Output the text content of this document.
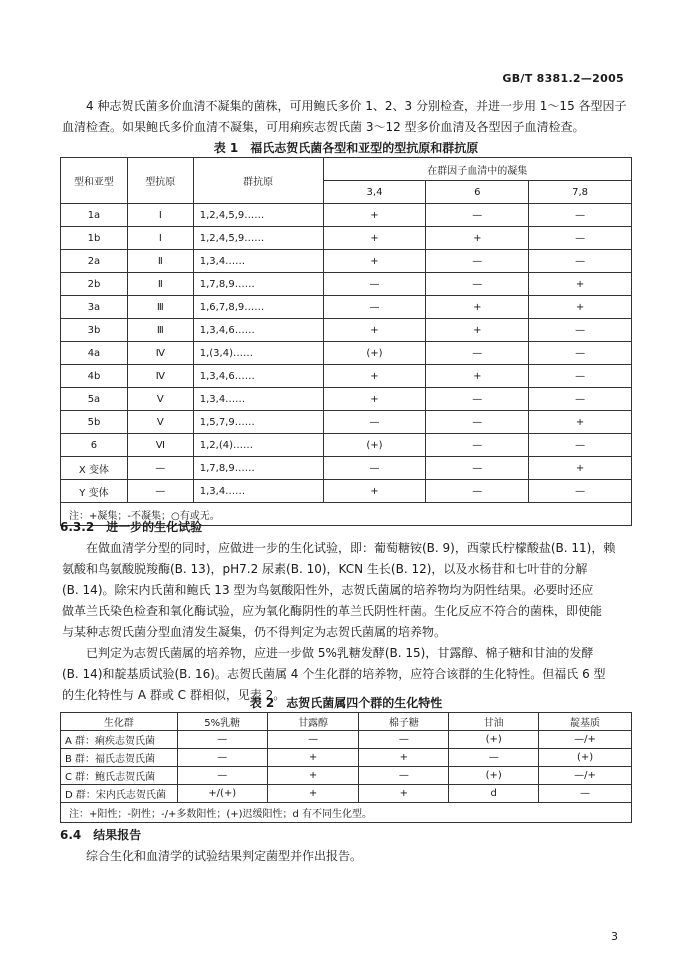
GB/T 8381.2—2005
4 种志贺氏菌多价血清不凝集的菌株，可用鲍氏多价 1、2、3 分别检查，并进一步用 1～15 各型因子
血清检查。如果鲍氏多价血清不凝集，可用痢疾志贺氏菌 3～12 型多价血清及各型因子血清检查。
表 1　福氏志贺氏菌各型和亚型的型抗原和群抗原
型和亚型	型抗原	群抗原	在群因子血清中的凝集		
			3,4	6	7,8
1a	Ⅰ	1,2,4,5,9……	+	—	—
1b	Ⅰ	1,2,4,5,9……	+	+	—
2a	Ⅱ	1,3,4……	+	—	—
2b	Ⅱ	1,7,8,9……	—	—	+
3a	Ⅲ	1,6,7,8,9……	—	+	+
3b	Ⅲ	1,3,4,6……	+	+	—
4a	Ⅳ	1,(3,4)……	(+)	—	—
4b	Ⅳ	1,3,4,6……	+	+	—
5a	Ⅴ	1,3,4……	+	—	—
5b	Ⅴ	1,5,7,9……	—	—	+
6	Ⅵ	1,2,(4)……	(+)	—	—
X 变体	—	1,7,8,9……	—	—	+
Y 变体	—	1,3,4……	+	—	—
注：+凝集；-不凝集；○有或无。					
6.3.2　进一步的生化试验
在做血清学分型的同时，应做进一步的生化试验，即：葡萄糖铵(B. 9)，西蒙氏柠檬酸盐(B. 11)，赖
氨酸和鸟氨酸脱羧酶(B. 13)，pH7.2 尿素(B. 10)，KCN 生长(B. 12)，以及水杨苷和七叶苷的分解
(B. 14)。除宋内氏菌和鲍氏 13 型为鸟氨酸阳性外，志贺氏菌属的培养物均为阴性结果。必要时还应
做革兰氏染色检查和氧化酶试验，应为氧化酶阴性的革兰氏阴性杆菌。生化反应不符合的菌株，即使能
与某种志贺氏菌分型血清发生凝集，仍不得判定为志贺氏菌属的培养物。
已判定为志贺氏菌属的培养物，应进一步做 5%乳糖发酵(B. 15)，甘露醇、棉子糖和甘油的发酵
(B. 14)和靛基质试验(B. 16)。志贺氏菌属 4 个生化群的培养物，应符合该群的生化特性。但福氏 6 型
的生化特性与 A 群或 C 群相似，见表 2。
表 2　志贺氏菌属四个群的生化特性
生化群	5%乳糖	甘露醇	棉子糖	甘油	靛基质
A 群：痢疾志贺氏菌	—	—	—	(+)	—/+
B 群：福氏志贺氏菌	—	+	+	—	(+)
C 群：鲍氏志贺氏菌	—	+	—	(+)	—/+
D 群：宋内氏志贺氏菌	+/(+)	+	+	d	—
注：+阳性；-阴性；-/+多数阳性；(+)迟缓阳性；d 有不同生化型。					
6.4　结果报告
综合生化和血清学的试验结果判定菌型并作出报告。
3
